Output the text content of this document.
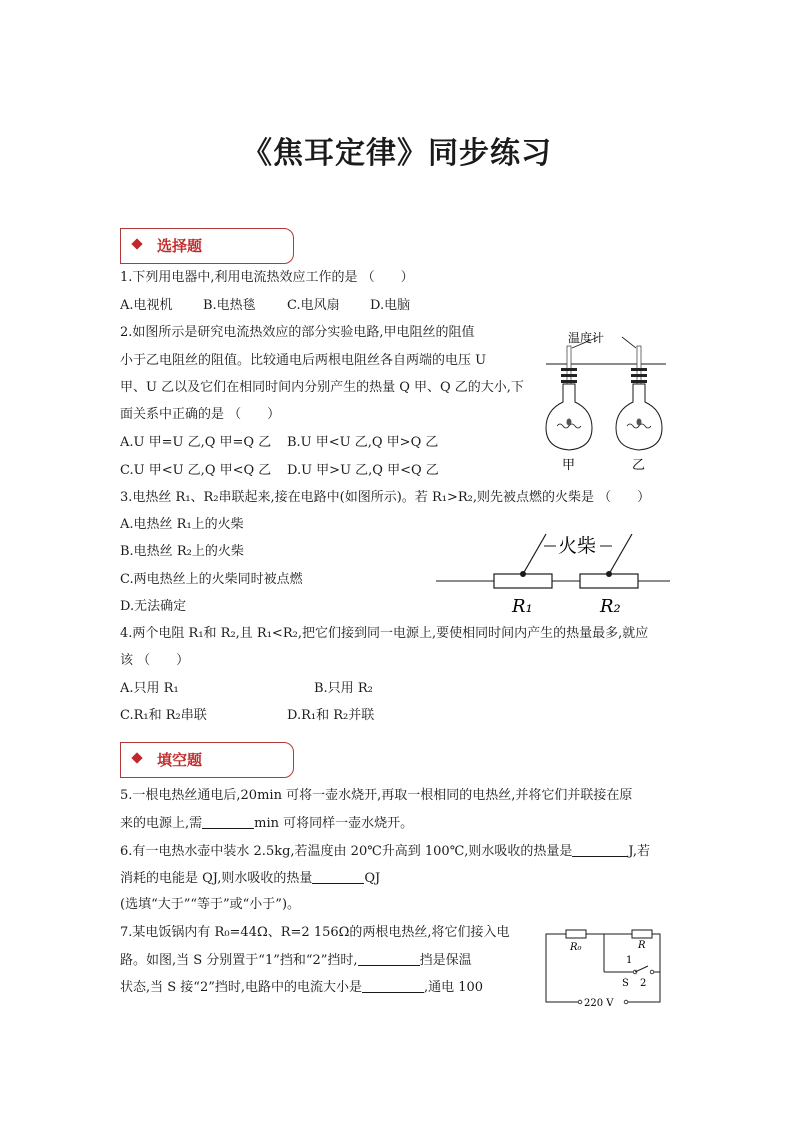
《焦耳定律》同步练习
选择题
1.下列用电器中,利用电流热效应工作的是 （　　）
A.电视机 B.电热毯 C.电风扇 D.电脑
2.如图所示是研究电流热效应的部分实验电路,甲电阻丝的阻值
小于乙电阻丝的阻值。比较通电后两根电阻丝各自两端的电压 U
甲、U 乙以及它们在相同时间内分别产生的热量 Q 甲、Q 乙的大小,下
面关系中正确的是 （　　）
A.U 甲=U 乙,Q 甲=Q 乙 B.U 甲<U 乙,Q 甲>Q 乙
C.U 甲<U 乙,Q 甲<Q 乙 D.U 甲>U 乙,Q 甲<Q 乙
温度计
甲	乙
3.电热丝 R₁、R₂串联起来,接在电路中(如图所示)。若 R₁>R₂,则先被点燃的火柴是 （　　）
A.电热丝 R₁上的火柴
B.电热丝 R₂上的火柴
C.两电热丝上的火柴同时被点燃
D.无法确定
火柴
R₁	R₂
4.两个电阻 R₁和 R₂,且 R₁<R₂,把它们接到同一电源上,要使相同时间内产生的热量最多,就应
该 （　　）
A.只用 R₁	B.只用 R₂
C.R₁和 R₂串联	D.R₁和 R₂并联
填空题
5.一根电热丝通电后,20min 可将一壶水烧开,再取一根相同的电热丝,并将它们并联接在原
来的电源上,需	min 可将同样一壶水烧开。
6.有一电热水壶中装水 2.5kg,若温度由 20℃升高到 100℃,则水吸收的热量是	J,若
消耗的电能是 QJ,则水吸收的热量	QJ
(选填“大于”“等于”或“小于”)。
7.某电饭锅内有 R₀=44Ω、R=2 156Ω的两根电热丝,将它们接入电
路。如图,当 S 分别置于“1”挡和“2”挡时,	挡是保温
状态,当 S 接“2”挡时,电路中的电流大小是	,通电 100
R₀	R
1
2
S
220 V
